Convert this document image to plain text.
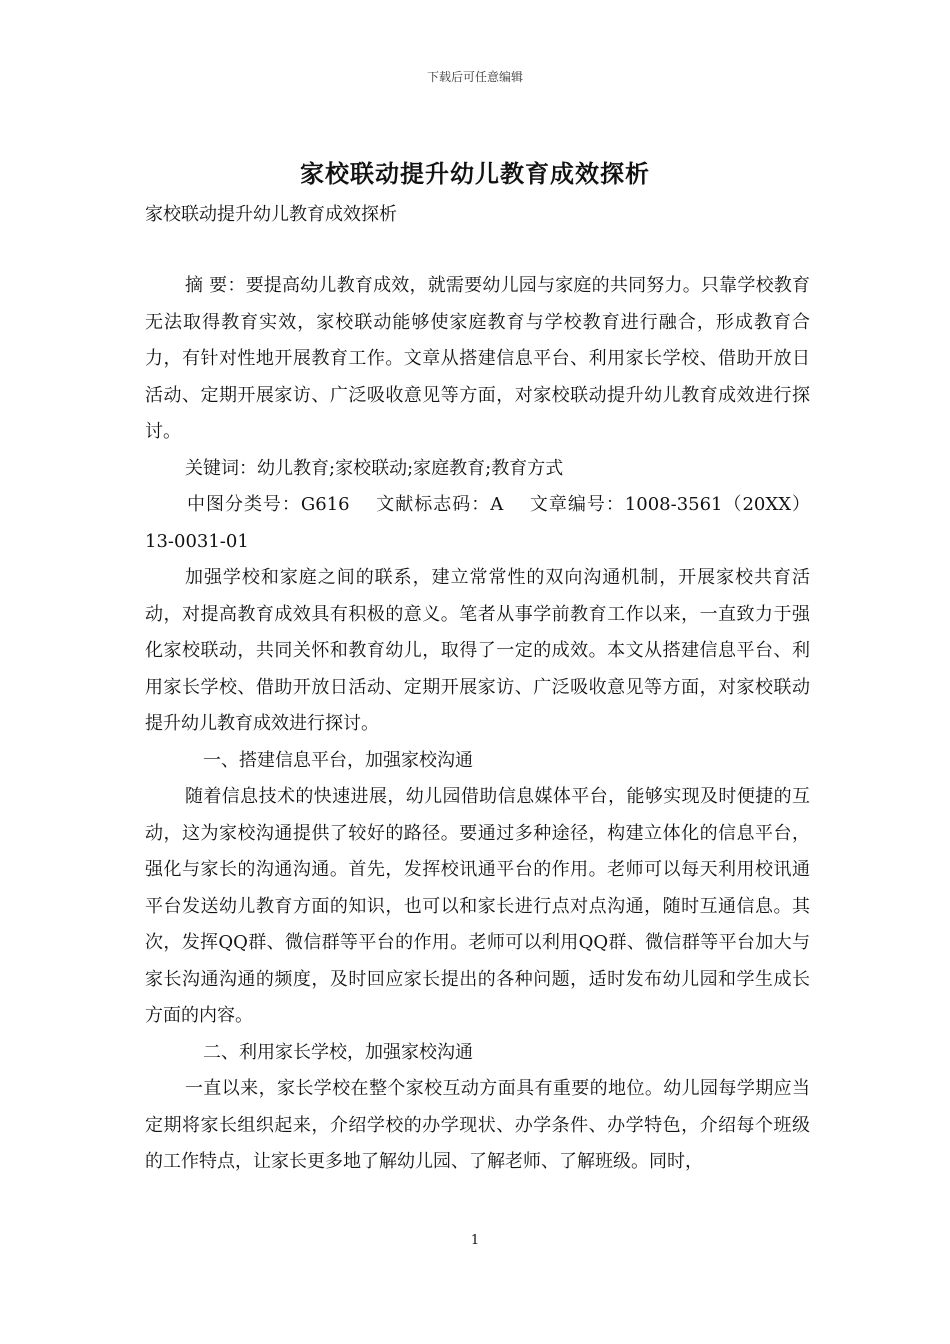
下载后可任意编辑
家校联动提升幼儿教育成效探析
家校联动提升幼儿教育成效探析

摘 要：要提高幼儿教育成效，就需要幼儿园与家庭的共同努力。只靠学校教育无法取得教育实效，家校联动能够使家庭教育与学校教育进行融合，形成教育合力，有针对性地开展教育工作。文章从搭建信息平台、利用家长学校、借助开放日活动、定期开展家访、广泛吸收意见等方面，对家校联动提升幼儿教育成效进行探讨。

关键词：幼儿教育;家校联动;家庭教育;教育方式

中图分类号：G616　 文献标志码：A　 文章编号：1008-3561（20XX）13-0031-01

加强学校和家庭之间的联系，建立常常性的双向沟通机制，开展家校共育活动，对提高教育成效具有积极的意义。笔者从事学前教育工作以来，一直致力于强化家校联动，共同关怀和教育幼儿，取得了一定的成效。本文从搭建信息平台、利用家长学校、借助开放日活动、定期开展家访、广泛吸收意见等方面，对家校联动提升幼儿教育成效进行探讨。

一、搭建信息平台，加强家校沟通

随着信息技术的快速进展，幼儿园借助信息媒体平台，能够实现及时便捷的互动，这为家校沟通提供了较好的路径。要通过多种途径，构建立体化的信息平台，强化与家长的沟通沟通。首先，发挥校讯通平台的作用。老师可以每天利用校讯通平台发送幼儿教育方面的知识，也可以和家长进行点对点沟通，随时互通信息。其次，发挥QQ群、微信群等平台的作用。老师可以利用QQ群、微信群等平台加大与家长沟通沟通的频度，及时回应家长提出的各种问题，适时发布幼儿园和学生成长方面的内容。

二、利用家长学校，加强家校沟通

一直以来，家长学校在整个家校互动方面具有重要的地位。幼儿园每学期应当定期将家长组织起来，介绍学校的办学现状、办学条件、办学特色，介绍每个班级的工作特点，让家长更多地了解幼儿园、了解老师、了解班级。同时，

1
